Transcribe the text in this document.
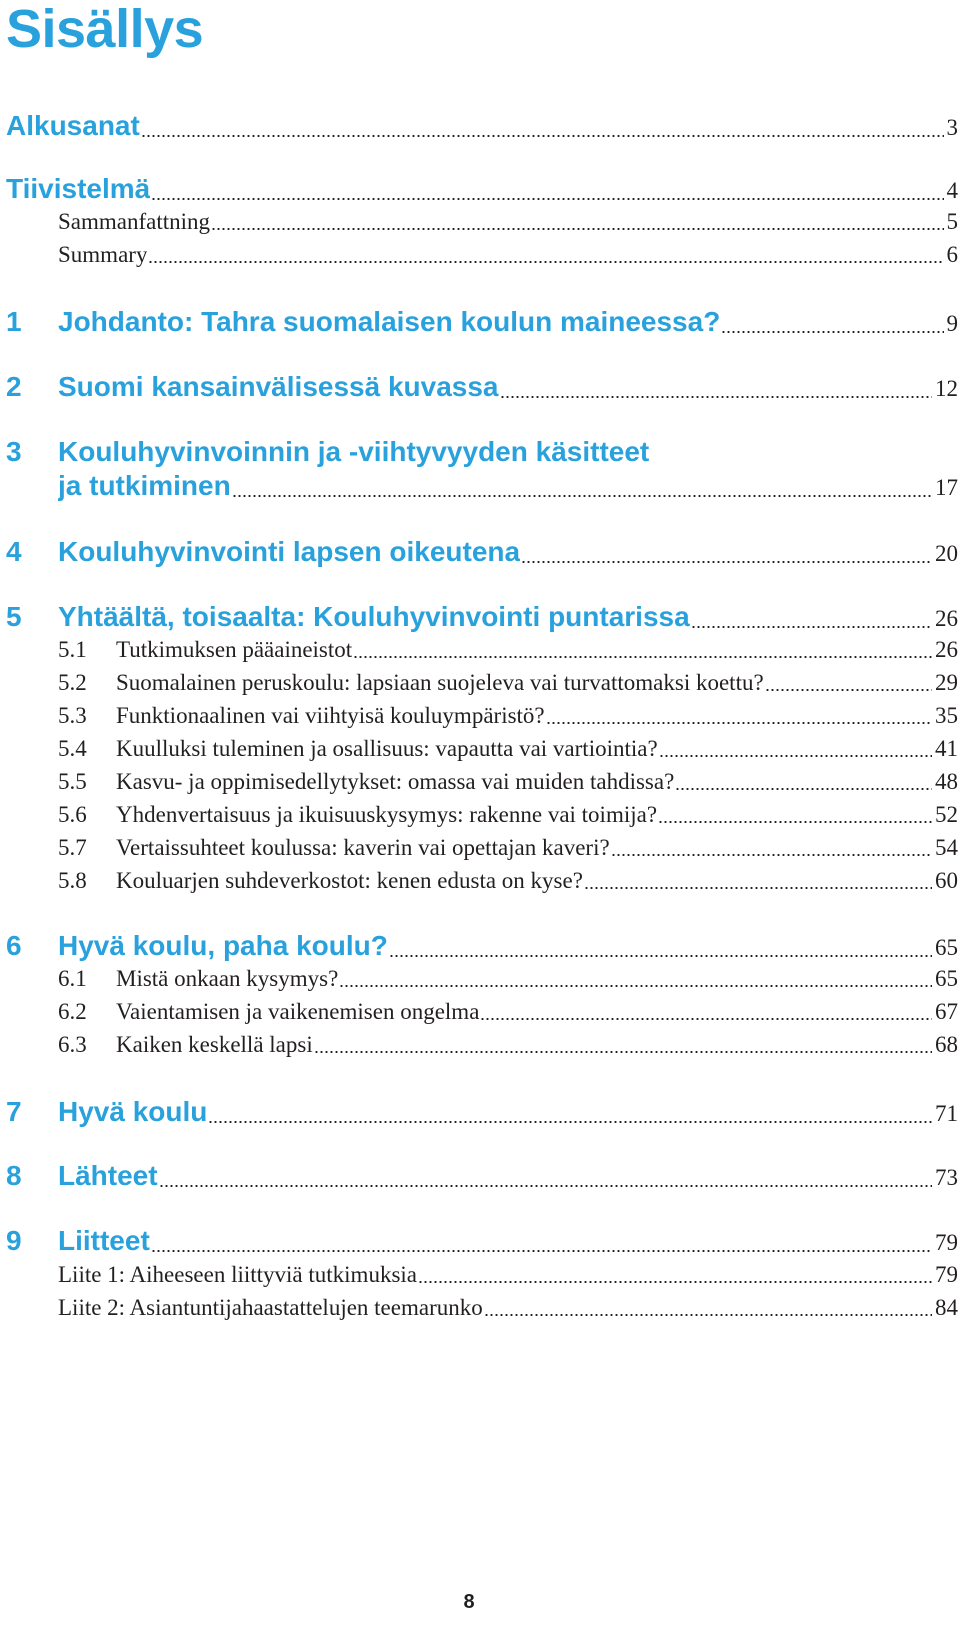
Sisällys
Alkusanat	3
Tiivistelmä	4
Sammanfattning	5
Summary	6
1	Johdanto: Tahra suomalaisen koulun maineessa?	9
2	Suomi kansainvälisessä kuvassa	12
3	Kouluhyvinvoinnin ja -viihtyvyyden käsitteet
ja tutkiminen	17
4	Kouluhyvinvointi lapsen oikeutena	20
5	Yhtäältä, toisaalta: Kouluhyvinvointi puntarissa	26
5.1	Tutkimuksen pääaineistot	26
5.2	Suomalainen peruskoulu: lapsiaan suojeleva vai turvattomaksi koettu?	29
5.3	Funktionaalinen vai viihtyisä kouluympäristö?	35
5.4	Kuulluksi tuleminen ja osallisuus: vapautta vai vartiointia?	41
5.5	Kasvu- ja oppimisedellytykset: omassa vai muiden tahdissa?	48
5.6	Yhdenvertaisuus ja ikuisuuskysymys: rakenne vai toimija?	52
5.7	Vertaissuhteet koulussa: kaverin vai opettajan kaveri?	54
5.8	Kouluarjen suhdeverkostot: kenen edusta on kyse?	60
6	Hyvä koulu, paha koulu?	65
6.1	Mistä onkaan kysymys?	65
6.2	Vaientamisen ja vaikenemisen ongelma	67
6.3	Kaiken keskellä lapsi	68
7	Hyvä koulu	71
8	Lähteet	73
9	Liitteet	79
Liite 1: Aiheeseen liittyviä tutkimuksia	79
Liite 2: Asiantuntijahaastattelujen teemarunko	84
8
